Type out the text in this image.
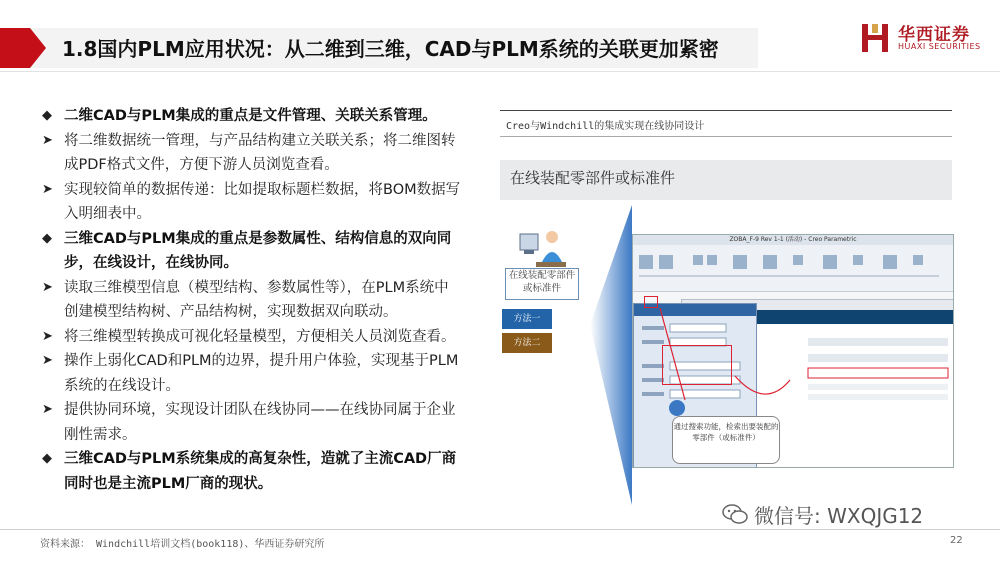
1.8国内PLM应用状况：从二维到三维，CAD与PLM系统的关联更加紧密
华西证券
HUAXI SECURITIES
◆ 二维CAD与PLM集成的重点是文件管理、关联关系管理。
➤ 将二维数据统一管理，与产品结构建立关联关系；将二维图转成PDF格式文件，方便下游人员浏览查看。
➤ 实现较简单的数据传递：比如提取标题栏数据，将BOM数据写入明细表中。
◆ 三维CAD与PLM集成的重点是参数属性、结构信息的双向同步，在线设计，在线协同。
➤ 读取三维模型信息（模型结构、参数属性等），在PLM系统中创建模型结构树、产品结构树，实现数据双向联动。
➤ 将三维模型转换成可视化轻量模型，方便相关人员浏览查看。
➤ 操作上弱化CAD和PLM的边界，提升用户体验，实现基于PLM系统的在线设计。
➤ 提供协同环境，实现设计团队在线协同——在线协同属于企业刚性需求。
◆ 三维CAD与PLM系统集成的高复杂性，造就了主流CAD厂商同时也是主流PLM厂商的现状。
Creo与Windchill的集成实现在线协同设计
在线装配零部件或标准件
在线装配零部件或标准件
方法一
方法二
ZOBA_F-9 Rev 1-1 (活动) - Creo Parametric
通过搜索功能，检索出要装配的零部件（或标准件）
微信号: WXQJG12
资料来源： Windchill培训文档(book118)、华西证券研究所	22
